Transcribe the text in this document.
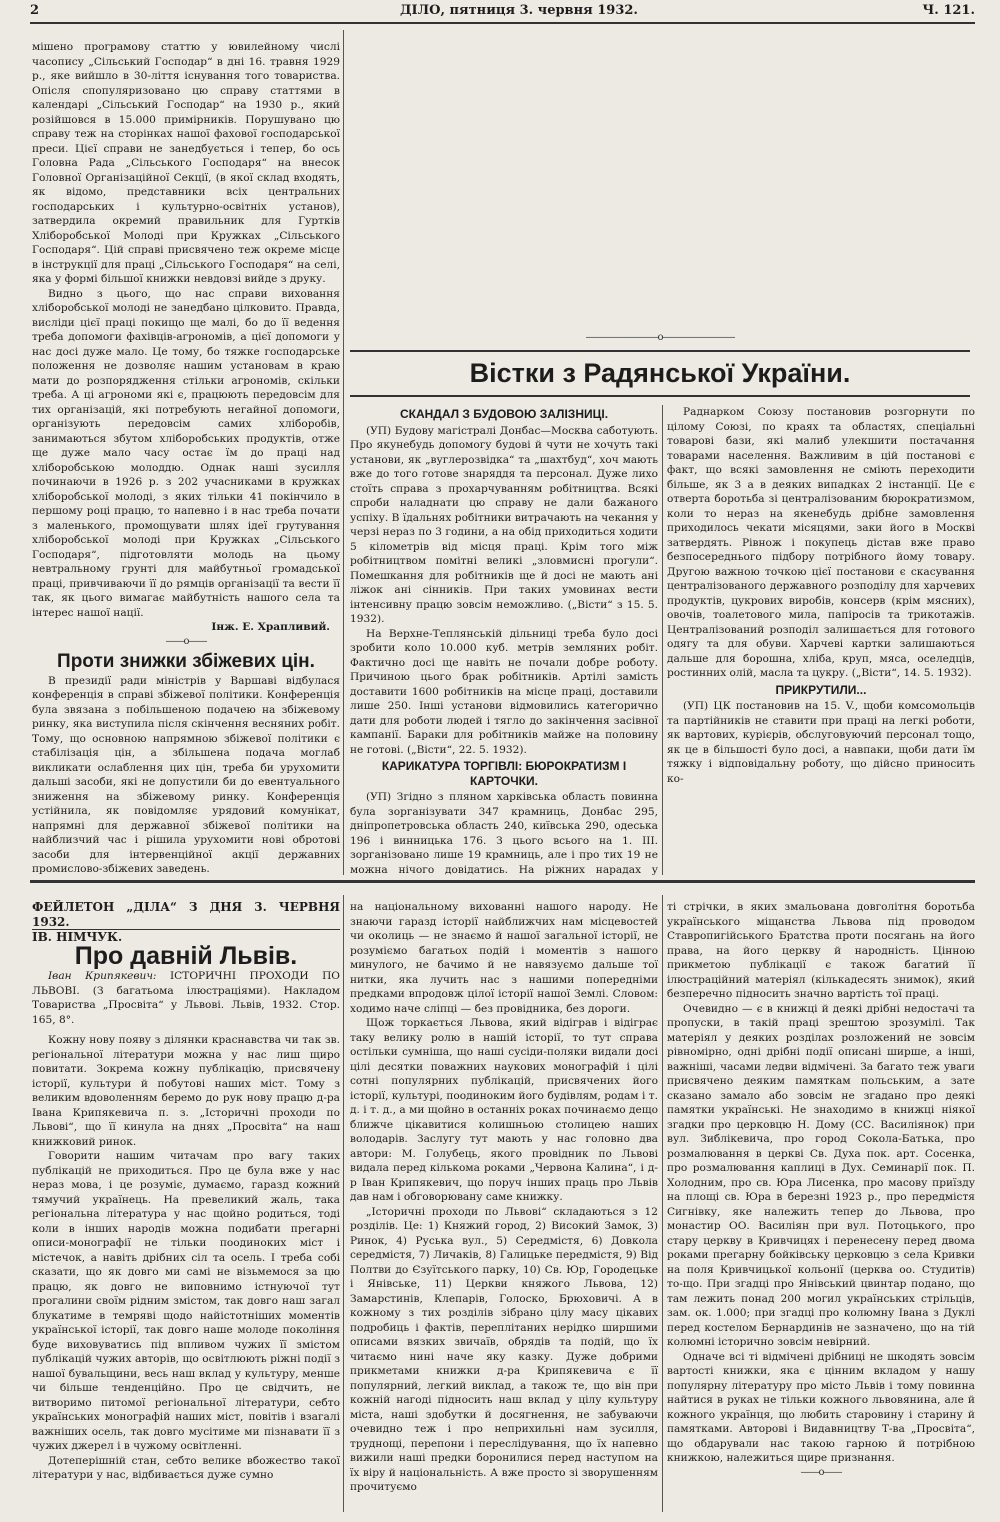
2	ДІЛО, пятниця 3. червня 1932.	Ч. 121.

мішено програмову статтю у ювилейному числі часопису „Сільський Господар“ в дні 16. травня 1929 р., яке вийшло в 30-ліття існування того товариства. Опісля спопуляризовано цю справу статтями в календарі „Сільський Господар“ на 1930 р., який розійшовся в 15.000 примірників. Порушувано цю справу теж на сторінках нашої фахової господарської преси. Цієї справи не занедбується і тепер, бо ось Головна Рада „Сільського Господаря“ на внесок Головної Організаційної Секції, (в якої склад входять, як відомо, представники всіх центральних господарських і культурно-освітніх установ), затвердила окремий правильник для Гуртків Хліборобської Молоді при Кружках „Сільського Господаря“. Цій справі присвячено теж окреме місце в інструкції для праці „Сільського Господаря“ на селі, яка у формі більшої книжки невдовзі вийде з друку.

Видно з цього, що нас справи виховання хліборобської молоді не занедбано цілковито. Правда, висліди цієї праці покищо ще малі, бо до її ведення треба допомоги фахівців-агрономів, а цієї допомоги у нас досі дуже мало. Це тому, бо тяжке господарське положення не дозволяє нашим установам в краю мати до розпорядження стільки агрономів, скільки треба. А ці агрономи які є, працюють передовсім для тих організацій, які потребують негайної допомоги, організують передовсім самих хліборобів, занимаються збутом хліборобських продуктів, отже ще дуже мало часу остає їм до праці над хліборобською молоддю. Однак наші зусилля починаючи в 1926 р. з 202 учасниками в кружках хліборобської молоді, з яких тільки 41 покінчило в першому році працю, то напевно і в нас треба почати з маленького, промощувати шлях ідеї грутування хліборобської молоді при Кружках „Сільського Господаря“, підготовляти молодь на цьому невтральному грунті для майбутньої громадської праці, привчиваючи її до рямців організації та вести її так, як цього вимагає майбутність нашого села та інтерес нашої нації.

Інж. Е. Храпливий.
——o——
Проти знижки збіжевих цін.

В президії ради міністрів у Варшаві відбулася конференція в справі збіжевої політики. Конференція була звязана з побільшеною подачею на збіжевому ринку, яка виступила після скінчення весняних робіт. Тому, що основною напрямною збіжевої політики є стабілізація цін, а збільшена подача моглаб викликати ослаблення цих цін, треба би урухомити дальші засоби, які не допустили би до евентуального зниження на збіжевому ринку. Конференція устійнила, як повідомляє урядовий комунікат, напрямні для державної збіжевої політики на найблизчий час і рішила урухомити нові обротові засоби для інтервенційної акції державних промислово-збіжевих заведень.

————————o————————
Вістки з Радянської України.

СКАНДАЛ З БУДОВОЮ ЗАЛІЗНИЦІ.

(УП) Будову магістралі Донбас—Москва саботують. Про якунебудь допомогу будові й чути не хочуть такі установи, як „вуглерозвідка“ та „шахтбуд“, хоч мають вже до того готове знаряддя та персонал. Дуже лихо стоїть справа з прохарчуванням робітництва. Всякі спроби наладнати цю справу не дали бажаного успіху. В їдальнях робітники витрачають на чекання у черзі нераз по 3 години, а на обід приходиться ходити 5 кілометрів від місця праці. Крім того між робітництвом помітні великі „зловмисні прогули“. Помешкання для робітників ще й досі не мають ані ліжок ані сінників. При таких умовинах вести інтенсивну працю зовсім неможливо. („Вісти“ з 15. 5. 1932).

На Верхне-Теплянській дільниці треба було досі зробити коло 10.000 куб. метрів земляних робіт. Фактично досі ще навіть не почали добре роботу. Причиною цього брак робітників. Артілі замість доставити 1600 робітників на місце праці, доставили лише 250. Інші установи відмовились категорично дати для роботи людей і тягло до закінчення засівної кампанії. Бараки для робітників майже на половину не готові. („Вісти“, 22. 5. 1932).

КАРИКАТУРА ТОРГІВЛІ: БЮРОКРАТИЗМ І КАРТОЧКИ.

(УП) Згідно з пляном харківська область повинна була зорганізувати 347 крамниць, Донбас 295, дніпропетровська область 240, київська 290, одеська 196 і винницька 176. З цього всього на 1. III. зорганізовано лише 19 крамниць, але і про тих 19 не можна нічого довідатись. На ріжних нарадах у

Раднарком Союзу постановив розгорнути по цілому Союзі, по краях та областях, спеціальні товарові бази, які малиб улекшити постачання товарами населення. Важливим в цій постанові є факт, що всякі замовлення не сміють переходити більше, як 3 а в деяких випадках 2 інстанції. Це є отверта боротьба зі централізованим бюрократизмом, коли то нераз на якенебудь дрібне замовлення приходилось чекати місяцями, заки його в Москві затвердять. Рівнож і покупець дістав вже право безпосереднього підбору потрібного йому товару. Другою важною точкою цієї постанови є скасування централізованого державного розподілу для харчевих продуктів, цукрових виробів, консерв (крім мясних), овочів, тоалетового мила, папіросів та трикотажів. Централізований розподіл залишається для готового одягу та для обуви. Харчеві картки залишаються дальше для борошна, хліба, круп, мяса, оселедців, ростинних олій, масла та цукру. („Вісти“, 14. 5. 1932).

ПРИКРУТИЛИ...

(УП) ЦК постановив на 15. V., щоби комсомольців та партійників не ставити при праці на легкі роботи, як вартових, курієрів, обслуговуючий персонал тощо, як це в більшості було досі, а навпаки, щоби дати їм тяжку і відповідальну роботу, що дійсно приносить ко-

ФЕЙЛЕТОН „ДІЛА“ З ДНЯ 3. ЧЕРВНЯ 1932.
ІВ. НІМЧУК.
Про давній Львів.

Іван Крипякевич: ІСТОРИЧНІ ПРОХОДИ ПО ЛЬВОВІ. (З багатьома ілюстраціями). Накладом Товариства „Просвіта“ у Львові. Львів, 1932. Стор. 165, 8°.

Кожну нову появу з ділянки краснавства чи так зв. регіональної літератури можна у нас лиш щиро повитати. Зокрема кожну публікацію, присвячену історії, культури й побутові наших міст. Тому з великим вдоволенням беремо до рук нову працю д-ра Івана Крипякевича п. з. „Історичні проходи по Львові“, що її кинула на днях „Просвіта“ на наш книжковий ринок.

Говорити нашим читачам про вагу таких публікацій не приходиться. Про це була вже у нас нераз мова, і це розуміє, думаємо, гаразд кожний тямучий українець. На превеликий жаль, така регіональна література у нас щойно родиться, тоді коли в інших народів можна подибати прегарні описи-монографії не тільки поодиноких міст і містечок, а навіть дрібних сіл та осель. І треба собі сказати, що як довго ми самі не візьмемося за цю працю, як довго не виповнимо істнуючої тут прогалини своїм рідним змістом, так довго наш загал блукатиме в темряві щодо найістотніших моментів української історії, так довго наше молоде покоління буде виховуватись під впливом чужих її змістом публікацій чужих авторів, що освітлюють ріжні події з нашої бувальщини, весь наш вклад у культуру, менше чи більше тенденційно. Про це свідчить, не витворимо питомої регіональної літератури, себто українських монографій наших міст, повітів і взагалі важніших осель, так довго мусітиме ми пізнавати її з чужих джерел і в чужому освітленні.

Дотеперішній стан, себто велике вбожество такої літератури у нас, відбивається дуже сумно

на національному вихованні нашого народу. Не знаючи гаразд історії найближчих нам місцевостей чи околиць — не знаємо й нашої загальної історії, не розуміємо багатьох подій і моментів з нашого минулого, не бачимо й не навязуємо дальше тої нитки, яка лучить нас з нашими попередніми предками впродовж цілої історії нашої Землі. Словом: ходимо наче сліпці — без провідника, без дороги.

Щож торкається Львова, який відіграв і відіграє таку велику ролю в нашій історії, то тут справа остільки сумніша, що наші сусіди-поляки видали досі цілі десятки поважних наукових монографій і цілі сотні популярних публікацій, присвячених його історії, культурі, поодиноким його будівлям, родам і т. д. і т. д., а ми щойно в останніх роках починаємо дещо ближче цікавитися колишньою столицею наших володарів. Заслугу тут мають у нас головно два автори: М. Голубець, якого провідник по Львові видала перед кількома роками „Червона Калина“, і д-р Іван Крипякевич, що поруч інших праць про Львів дав нам і обговорювану саме книжку.

„Історичні проходи по Львові“ складаються з 12 розділів. Це: 1) Княжий город, 2) Високий Замок, 3) Ринок, 4) Руська вул., 5) Середмістя, 6) Довкола середмістя, 7) Личаків, 8) Галицьке передмістя, 9) Від Полтви до Єзуїтського парку, 10) Св. Юр, Городецьке і Янівське, 11) Церкви княжого Львова, 12) Замарстинів, Клепарів, Голоско, Брюховичі. А в кожному з тих розділів зібрано цілу масу цікавих подробиць і фактів, переплітаних нерідко ширшими описами вязких звичаїв, обрядів та подій, що їх читаємо нині наче яку казку. Дуже добрими прикметами книжки д-ра Крипякевича є її популярний, легкий виклад, а також те, що він при кожній нагоді підносить наш вклад у цілу культуру міста, наші здобутки й досягнення, не забуваючи очевидно теж і про неприхильні нам зусилля, труднощі, перепони і переслідування, що їх напевно вижили наші предки боронилися перед наступом на їх віру й національність. А вже просто зі зворушенням прочитуємо

ті стрічки, в яких змальована довголітня боротьба українського міщанства Львова під проводом Ставропигійського Братства проти посягань на його права, на його церкву й народність. Цінною прикметою публікації є також багатий її ілюстраційний матеріял (кількадесять знимок), який безперечно підносить значно вартість тої праці.

Очевидно — є в книжці й деякі дрібні недостачі та пропуски, в такій праці зрештою зрозумілі. Так матеріял у деяких розділах розложений не зовсім рівномірно, одні дрібні події описані ширше, а інші, важніші, часами ледви відмічені. За багато теж уваги присвячено деяким памяткам польським, а зате сказано замало або зовсім не згадано про деякі памятки українські. Не знаходимо в книжці ніякої згадки про церковцю Н. Дому (СС. Василіянок) при вул. Зиблікевича, про город Сокола-Батька, про розмалювання в церкві Св. Духа пок. арт. Сосенка, про розмалювання каплиці в Дух. Семинарії пок. П. Холодним, про св. Юра Лисенка, про масову приїзду на площі св. Юра в березні 1923 р., про передмістя Сигнівку, яке належить тепер до Львова, про монастир ОО. Василіян при вул. Потоцького, про стару церкву в Кривчицях і перенесену перед двома роками прегарну бойківську церковцю з села Кривки на поля Кривчицької кольонії (церква оо. Студитів) то-що. При згадці про Янівський цвинтар подано, що там лежить понад 200 могил українських стрільців, зам. ок. 1.000; при згадці про колюмну Івана з Дуклі перед костелом Бернардинів не зазначено, що на тій колюмні історично зовсім невірний.

Одначе всі ті відмічені дрібниці не шкодять зовсім вартості книжки, яка є цінним вкладом у нашу популярну літературу про місто Львів і тому повинна найтися в руках не тільки кожного львовянина, але й кожного українця, що любить старовину і старину й памятками. Авторові і Видавництву Т-ва „Просвіта“, що обдарували нас такою гарною й потрібною книжкою, належиться щире признання.

——o——
